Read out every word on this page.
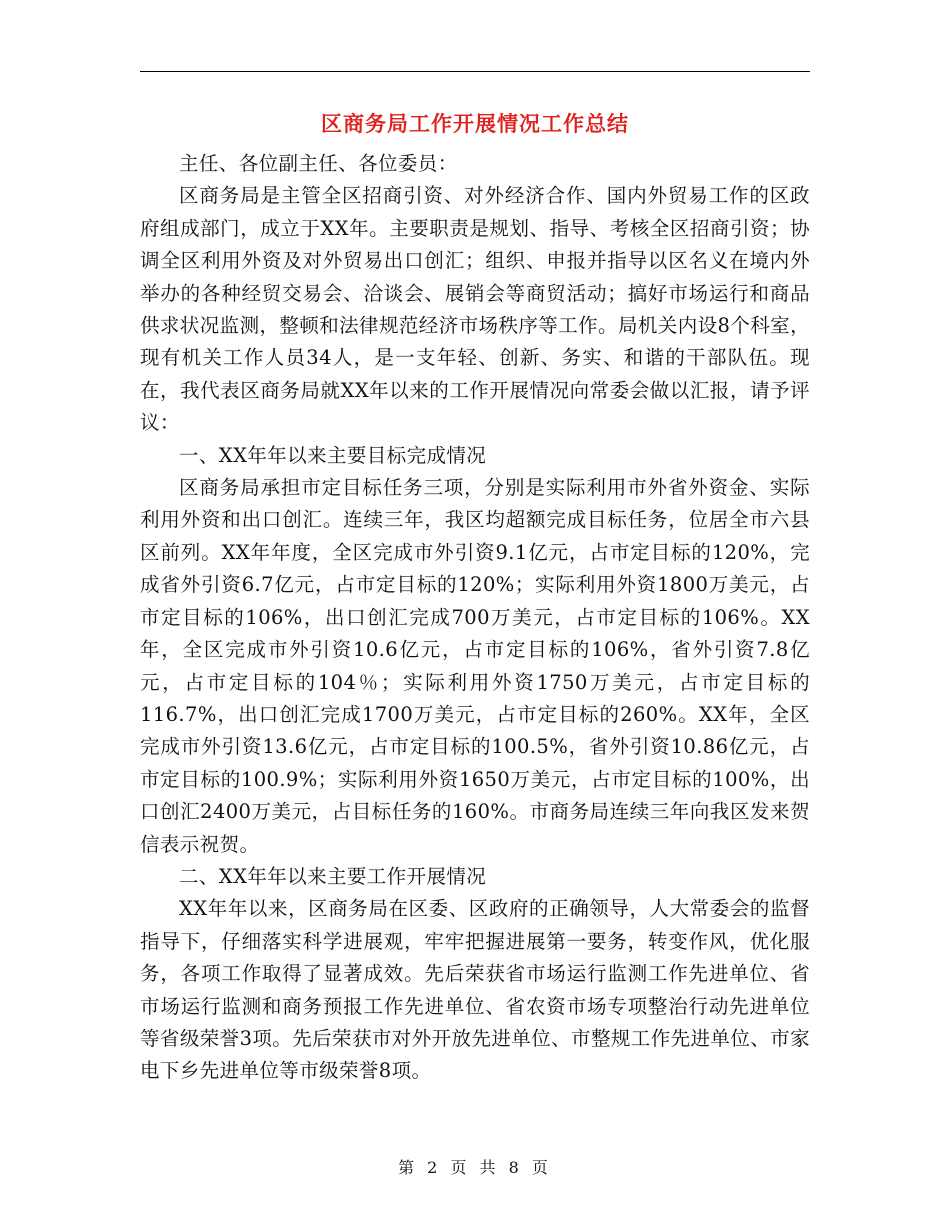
区商务局工作开展情况工作总结

主任、各位副主任、各位委员：

区商务局是主管全区招商引资、对外经济合作、国内外贸易工作的区政府组成部门，成立于XX年。主要职责是规划、指导、考核全区招商引资；协调全区利用外资及对外贸易出口创汇；组织、申报并指导以区名义在境内外举办的各种经贸交易会、洽谈会、展销会等商贸活动；搞好市场运行和商品供求状况监测，整顿和法律规范经济市场秩序等工作。局机关内设8个科室，现有机关工作人员34人，是一支年轻、创新、务实、和谐的干部队伍。现在，我代表区商务局就XX年以来的工作开展情况向常委会做以汇报，请予评议：

一、XX年年以来主要目标完成情况

区商务局承担市定目标任务三项，分别是实际利用市外省外资金、实际利用外资和出口创汇。连续三年，我区均超额完成目标任务，位居全市六县区前列。XX年年度，全区完成市外引资9.1亿元，占市定目标的120%，完成省外引资6.7亿元，占市定目标的120%；实际利用外资1800万美元，占市定目标的106%，出口创汇完成700万美元，占市定目标的106%。XX年，全区完成市外引资10.6亿元，占市定目标的106%，省外引资7.8亿元，占市定目标的104％；实际利用外资1750万美元，占市定目标的116.7%，出口创汇完成1700万美元，占市定目标的260%。XX年，全区完成市外引资13.6亿元，占市定目标的100.5%，省外引资10.86亿元，占市定目标的100.9%；实际利用外资1650万美元，占市定目标的100%，出口创汇2400万美元，占目标任务的160%。市商务局连续三年向我区发来贺信表示祝贺。

二、XX年年以来主要工作开展情况

XX年年以来，区商务局在区委、区政府的正确领导，人大常委会的监督指导下，仔细落实科学进展观，牢牢把握进展第一要务，转变作风，优化服务，各项工作取得了显著成效。先后荣获省市场运行监测工作先进单位、省市场运行监测和商务预报工作先进单位、省农资市场专项整治行动先进单位等省级荣誉3项。先后荣获市对外开放先进单位、市整规工作先进单位、市家电下乡先进单位等市级荣誉8项。

第 2 页 共 8 页
